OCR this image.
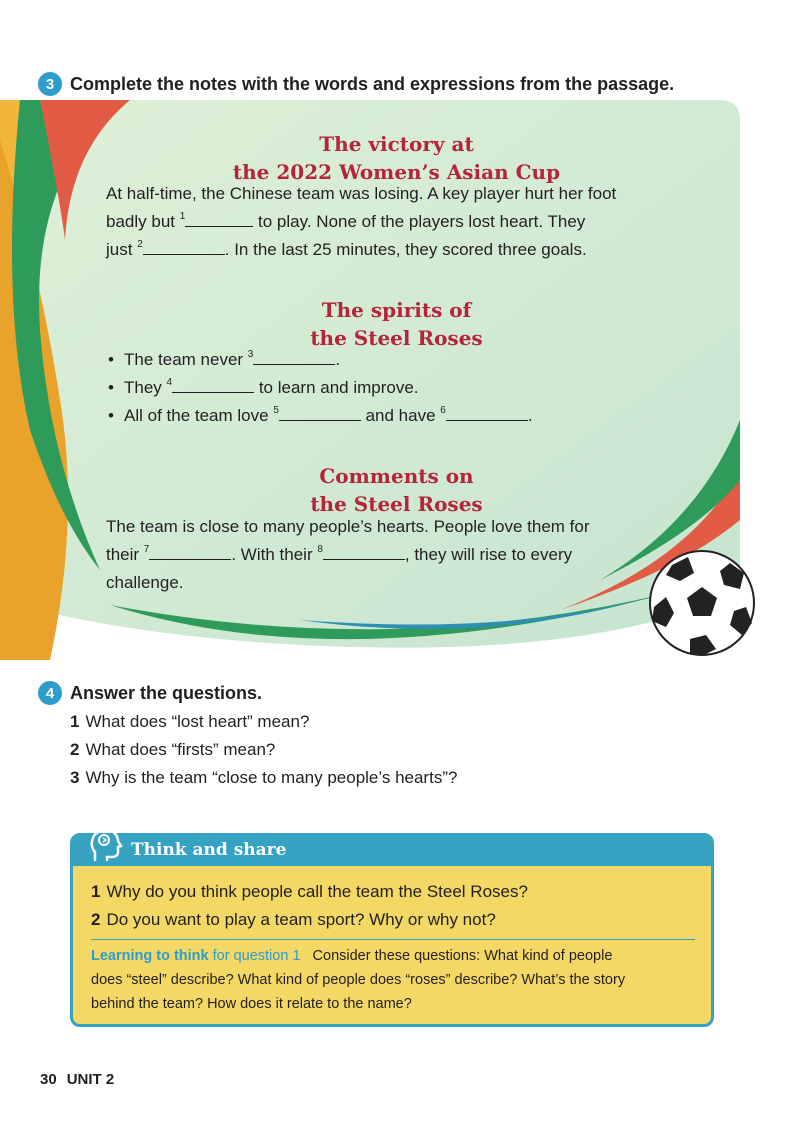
3 Complete the notes with the words and expressions from the passage.
The victory at
the 2022 Women’s Asian Cup
At half-time, the Chinese team was losing. A key player hurt her foot
badly but $^1$	to play. None of the players lost heart. They
just $^2$	. In the last 25 minutes, they scored three goals.
The spirits of
the Steel Roses
• The team never $^3$	.
• They $^4$	to learn and improve.
• All of the team love $^5$	and have $^6$	.
Comments on
the Steel Roses
The team is close to many people’s hearts. People love them for
their $^7$	. With their $^8$	, they will rise to every
challenge.
4 Answer the questions.
1 What does “lost heart” mean?
2 What does “firsts” mean?
3 Why is the team “close to many people’s hearts”?
Think and share
1 Why do you think people call the team the Steel Roses?
2 Do you want to play a team sport? Why or why not?
Learning to think for question 1 Consider these questions: What kind of people
does “steel” describe? What kind of people does “roses” describe? What’s the story
behind the team? How does it relate to the name?
30 UNIT 2
